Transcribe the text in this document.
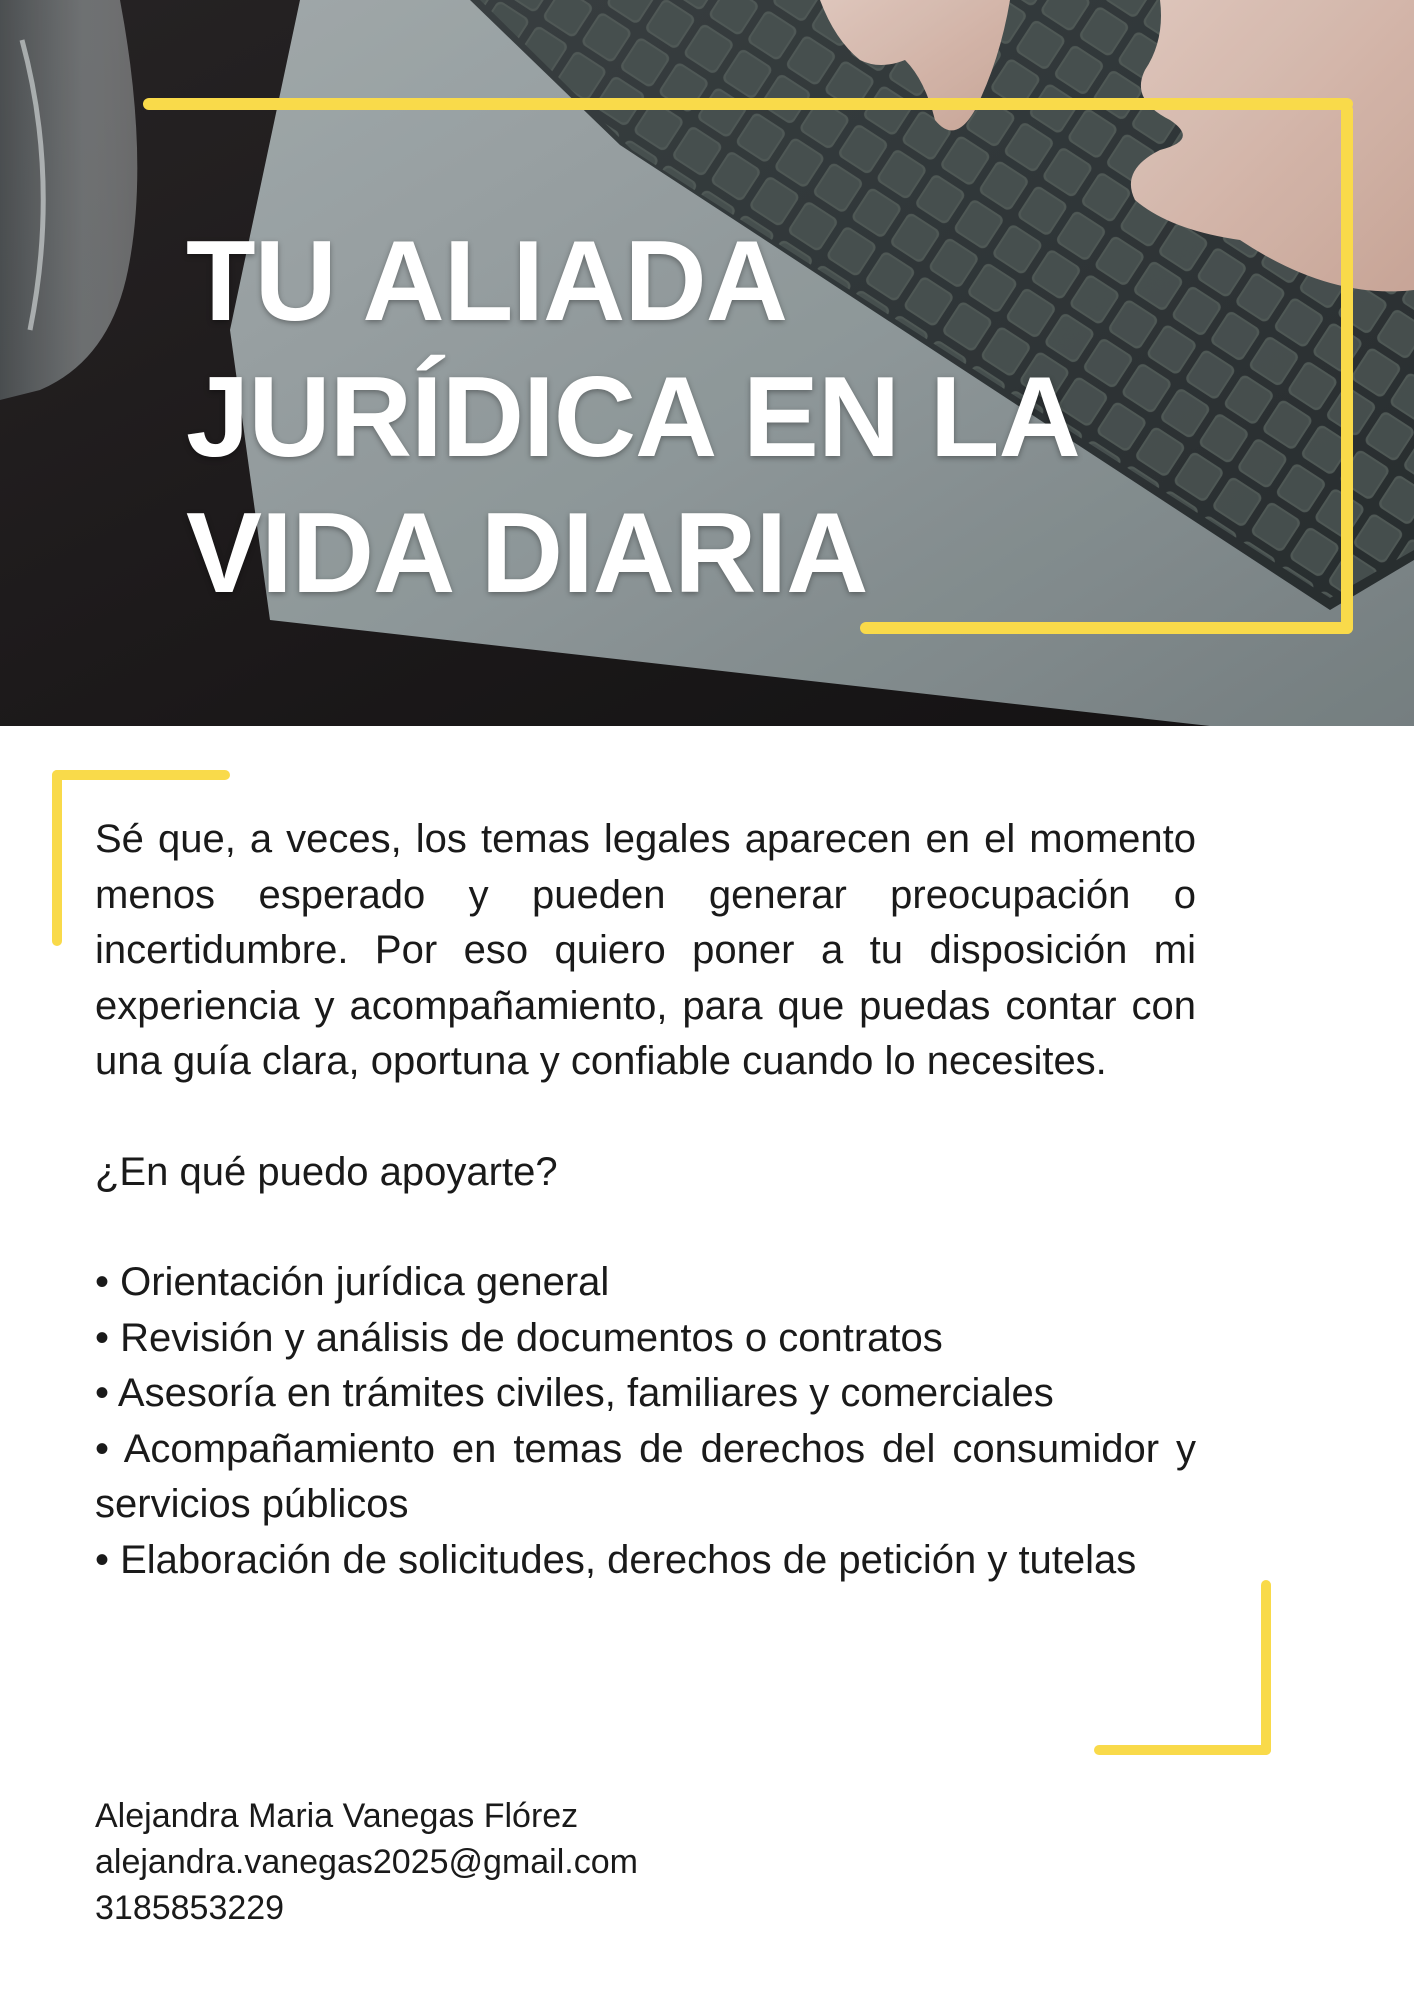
TU ALIADA
JURÍDICA EN LA
VIDA DIARIA

Sé que, a veces, los temas legales aparecen en el momento menos esperado y pueden generar preocupación o incertidumbre. Por eso quiero poner a tu disposición mi experiencia y acompañamiento, para que puedas contar con una guía clara, oportuna y confiable cuando lo necesites.

¿En qué puedo apoyarte?

• Orientación jurídica general
• Revisión y análisis de documentos o contratos
• Asesoría en trámites civiles, familiares y comerciales
• Acompañamiento en temas de derechos del consumidor y servicios públicos
• Elaboración de solicitudes, derechos de petición y tutelas
Alejandra Maria Vanegas Flórez
alejandra.vanegas2025@gmail.com
3185853229
